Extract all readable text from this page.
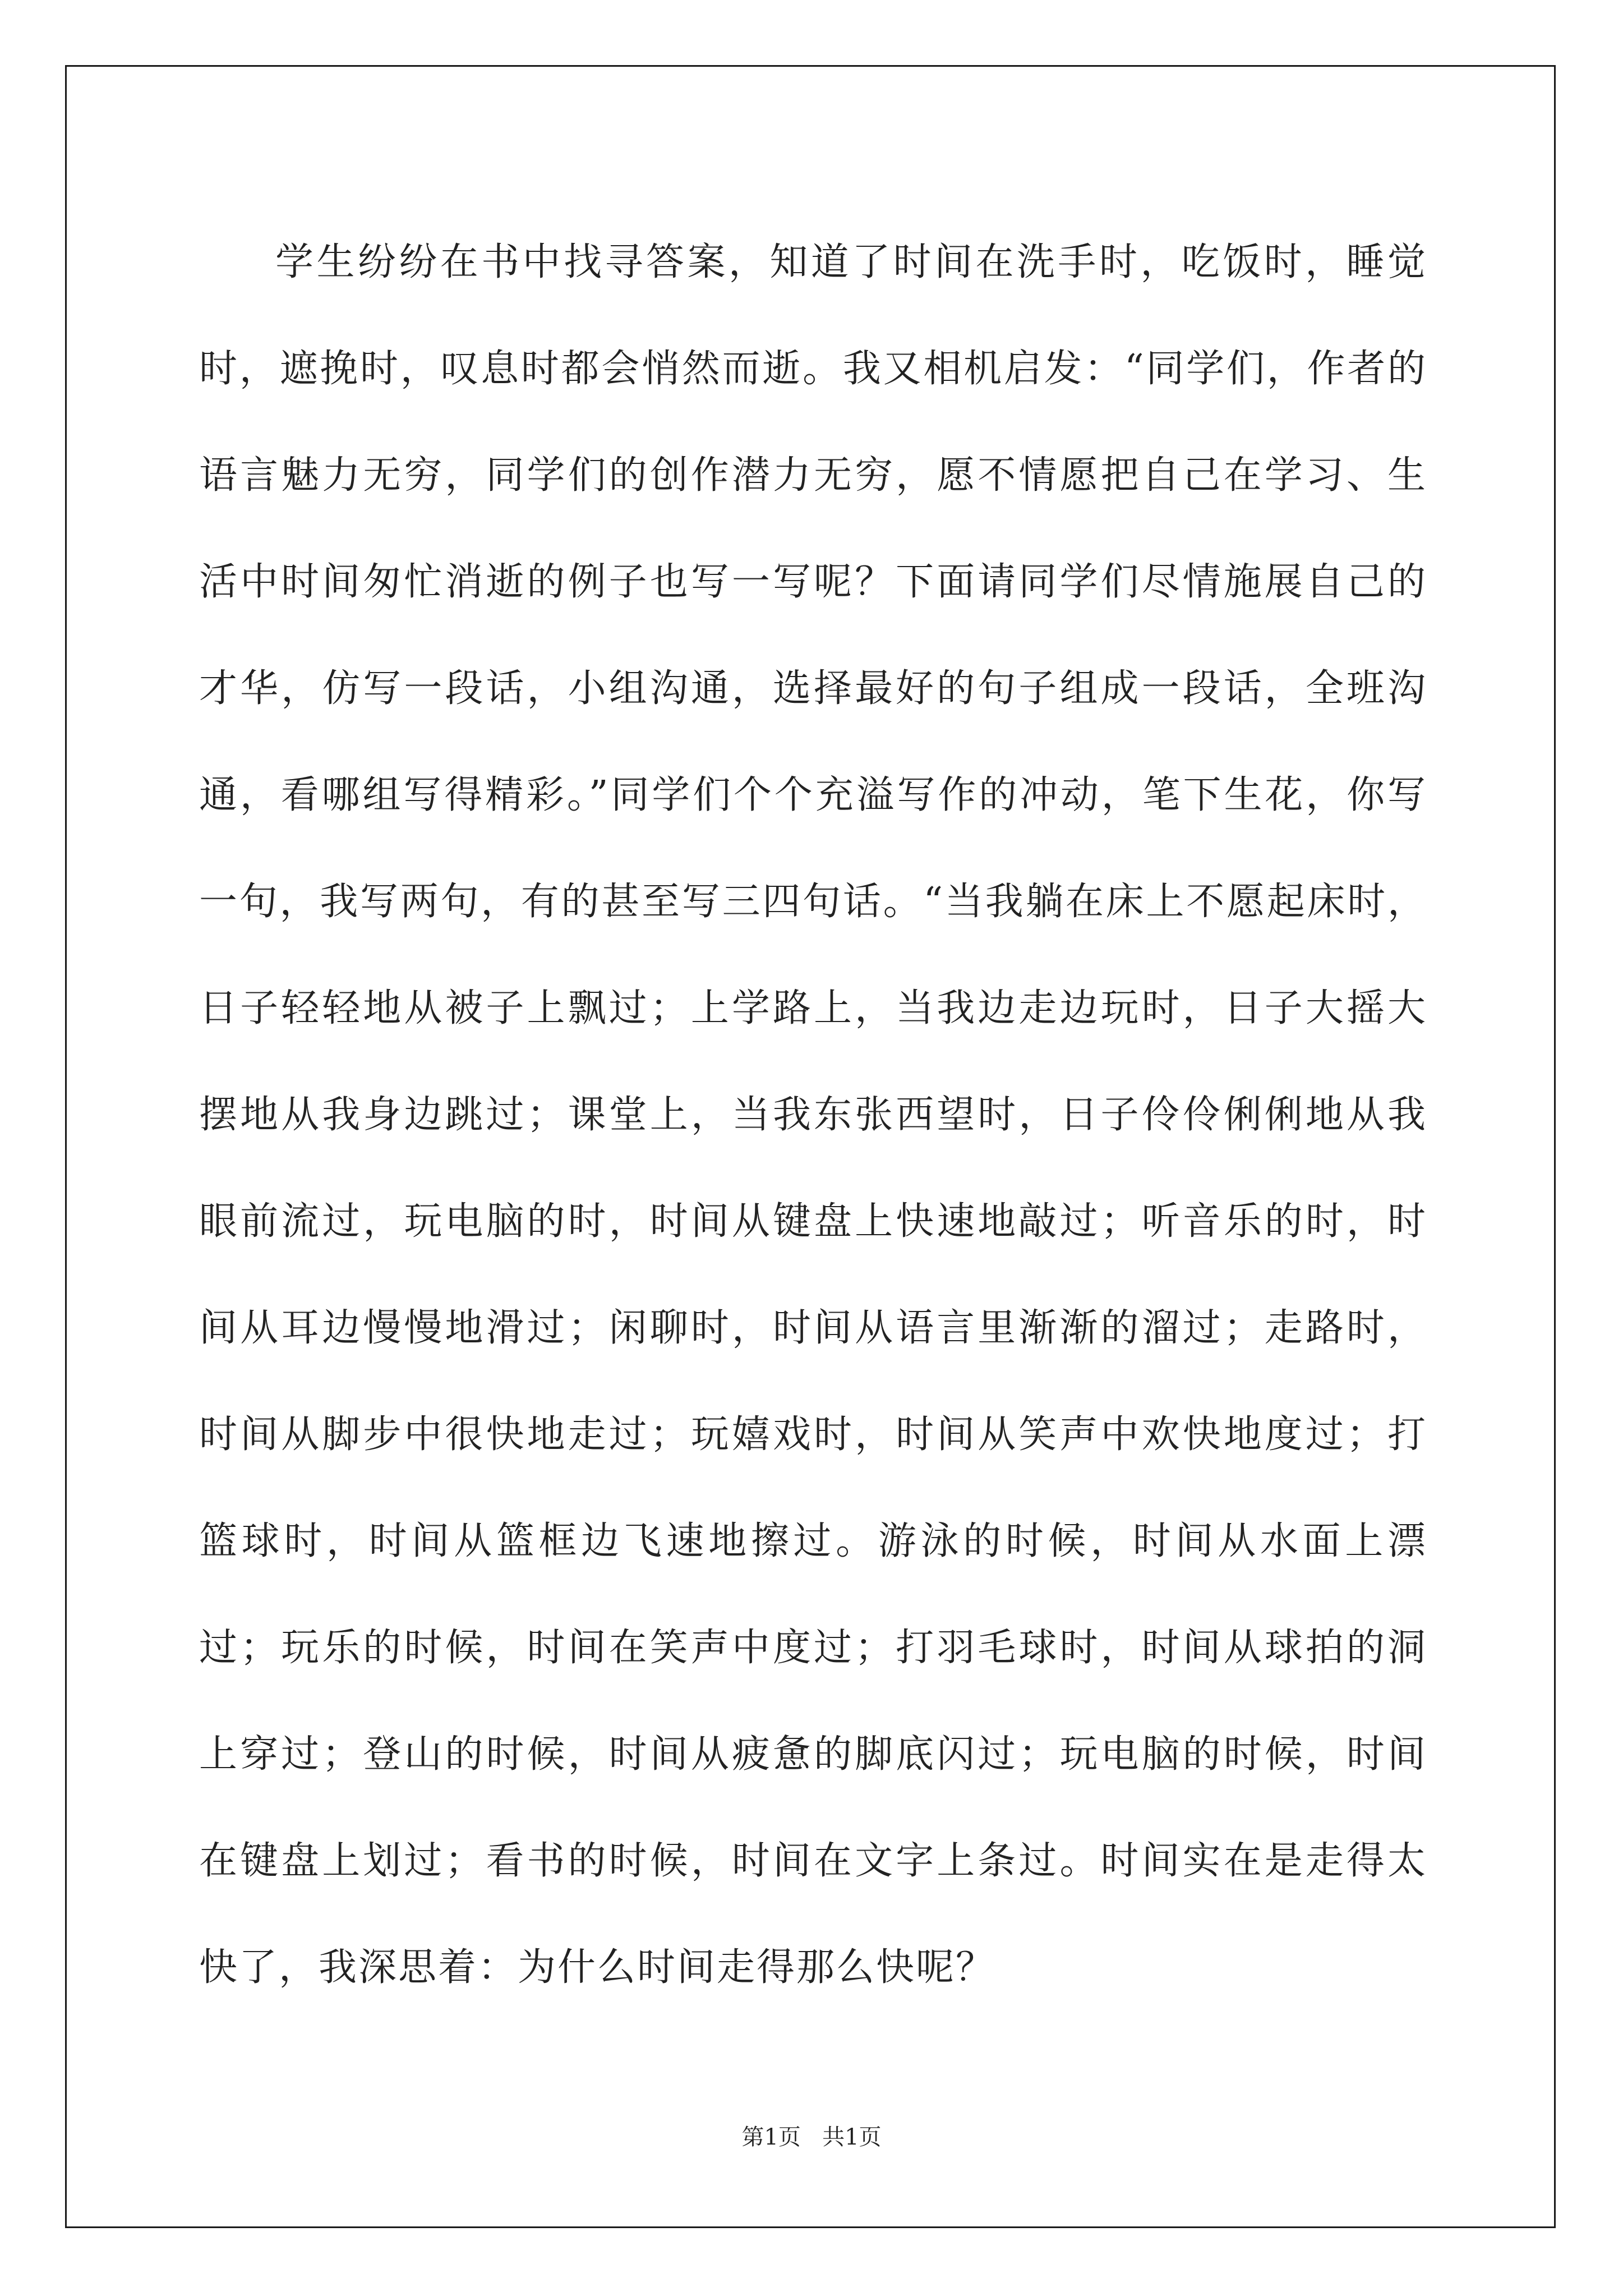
学生纷纷在书中找寻答案，知道了时间在洗手时，吃饭时，睡觉时，遮挽时，叹息时都会悄然而逝。我又相机启发：“同学们，作者的语言魅力无穷，同学们的创作潜力无穷，愿不情愿把自己在学习、生活中时间匆忙消逝的例子也写一写呢？下面请同学们尽情施展自己的才华，仿写一段话，小组沟通，选择最好的句子组成一段话，全班沟通，看哪组写得精彩。”同学们个个充溢写作的冲动，笔下生花，你写一句，我写两句，有的甚至写三四句话。“当我躺在床上不愿起床时，日子轻轻地从被子上飘过；上学路上，当我边走边玩时，日子大摇大摆地从我身边跳过；课堂上，当我东张西望时，日子伶伶俐俐地从我眼前流过，玩电脑的时，时间从键盘上快速地敲过；听音乐的时，时间从耳边慢慢地滑过；闲聊时，时间从语言里渐渐的溜过；走路时，时间从脚步中很快地走过；玩嬉戏时，时间从笑声中欢快地度过；打篮球时，时间从篮框边飞速地擦过。游泳的时候，时间从水面上漂过；玩乐的时候，时间在笑声中度过；打羽毛球时，时间从球拍的洞上穿过；登山的时候，时间从疲惫的脚底闪过；玩电脑的时候，时间在键盘上划过；看书的时候，时间在文字上条过。时间实在是走得太快了，我深思着：为什么时间走得那么快呢？

第1页 共1页
